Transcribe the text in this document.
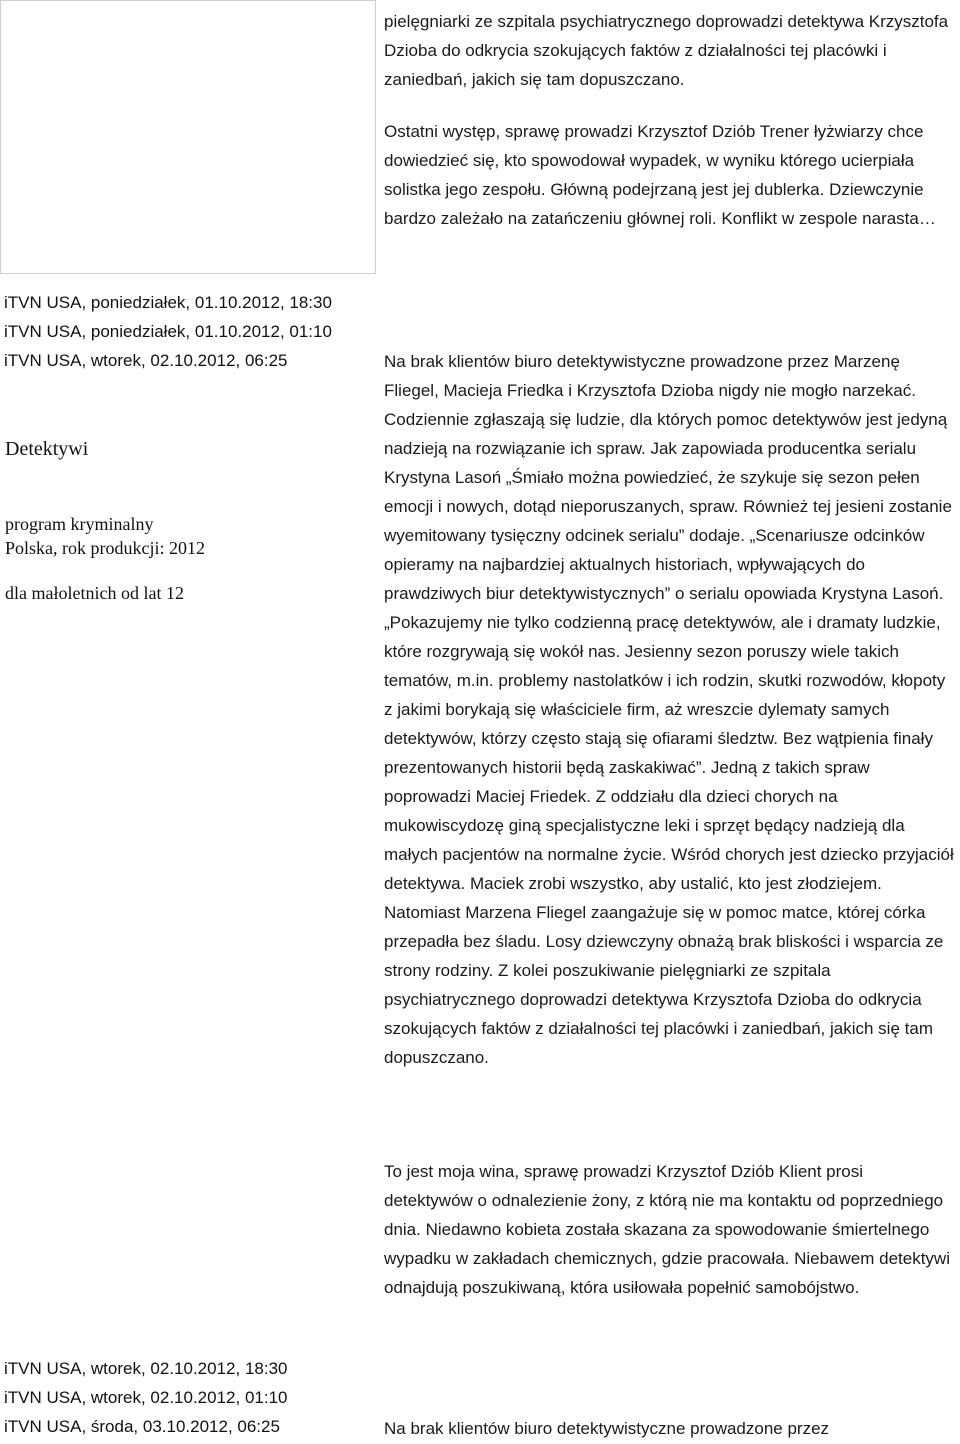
iTVN USA, poniedziałek, 01.10.2012, 18:30
iTVN USA, poniedziałek, 01.10.2012, 01:10
iTVN USA, wtorek, 02.10.2012, 06:25
Detektywi
program kryminalny
Polska, rok produkcji: 2012
dla małoletnich od lat 12
iTVN USA, wtorek, 02.10.2012, 18:30
iTVN USA, wtorek, 02.10.2012, 01:10
iTVN USA, środa, 03.10.2012, 06:25

pielęgniarki ze szpitala psychiatrycznego doprowadzi detektywa Krzysztofa Dzioba do odkrycia szokujących faktów z działalności tej placówki i zaniedbań, jakich się tam dopuszczano.

Ostatni występ, sprawę prowadzi Krzysztof Dziób Trener łyżwiarzy chce dowiedzieć się, kto spowodował wypadek, w wyniku którego ucierpiała solistka jego zespołu. Główną podejrzaną jest jej dublerka. Dziewczynie bardzo zależało na zatańczeniu głównej roli. Konflikt w zespole narasta…

Na brak klientów biuro detektywistyczne prowadzone przez Marzenę Fliegel, Macieja Friedka i Krzysztofa Dzioba nigdy nie mogło narzekać. Codziennie zgłaszają się ludzie, dla których pomoc detektywów jest jedyną nadzieją na rozwiązanie ich spraw. Jak zapowiada producentka serialu Krystyna Lasoń „Śmiało można powiedzieć, że szykuje się sezon pełen emocji i nowych, dotąd nieporuszanych, spraw. Również tej jesieni zostanie wyemitowany tysięczny odcinek serialu” dodaje. „Scenariusze odcinków opieramy na najbardziej aktualnych historiach, wpływających do prawdziwych biur detektywistycznych” o serialu opowiada Krystyna Lasoń. „Pokazujemy nie tylko codzienną pracę detektywów, ale i dramaty ludzkie, które rozgrywają się wokół nas. Jesienny sezon poruszy wiele takich tematów, m.in. problemy nastolatków i ich rodzin, skutki rozwodów, kłopoty z jakimi borykają się właściciele firm, aż wreszcie dylematy samych detektywów, którzy często stają się ofiarami śledztw. Bez wątpienia finały prezentowanych historii będą zaskakiwać”. Jedną z takich spraw poprowadzi Maciej Friedek. Z oddziału dla dzieci chorych na mukowiscydozę giną specjalistyczne leki i sprzęt będący nadzieją dla małych pacjentów na normalne życie. Wśród chorych jest dziecko przyjaciół detektywa. Maciek zrobi wszystko, aby ustalić, kto jest złodziejem. Natomiast Marzena Fliegel zaangażuje się w pomoc matce, której córka przepadła bez śladu. Losy dziewczyny obnażą brak bliskości i wsparcia ze strony rodziny. Z kolei poszukiwanie pielęgniarki ze szpitala psychiatrycznego doprowadzi detektywa Krzysztofa Dzioba do odkrycia szokujących faktów z działalności tej placówki i zaniedbań, jakich się tam dopuszczano.

To jest moja wina, sprawę prowadzi Krzysztof Dziób Klient prosi detektywów o odnalezienie żony, z którą nie ma kontaktu od poprzedniego dnia. Niedawno kobieta została skazana za spowodowanie śmiertelnego wypadku w zakładach chemicznych, gdzie pracowała. Niebawem detektywi odnajdują poszukiwaną, która usiłowała popełnić samobójstwo.

Na brak klientów biuro detektywistyczne prowadzone przez
